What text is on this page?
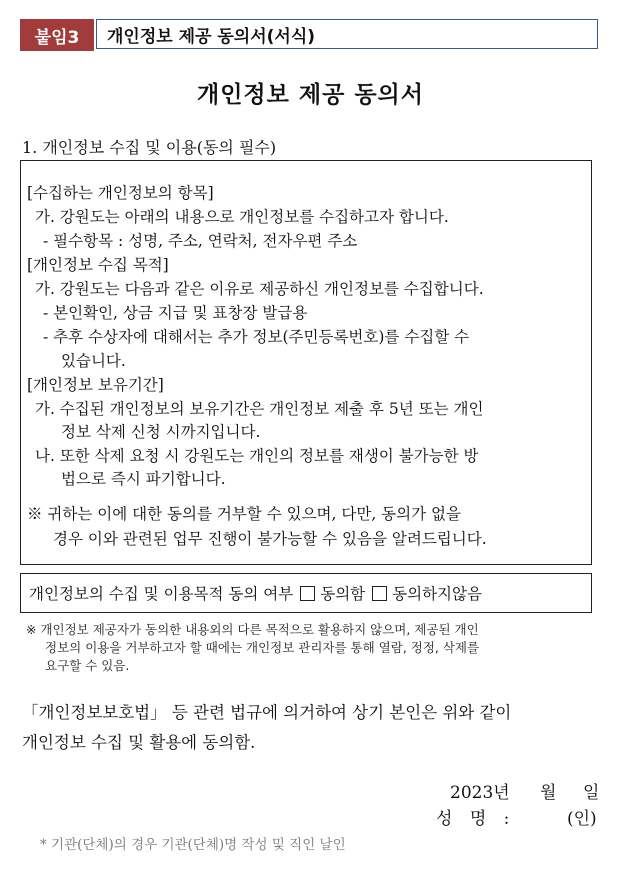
붙임3	개인정보 제공 동의서(서식)
개인정보 제공 동의서
1. 개인정보 수집 및 이용(동의 필수)
[수집하는 개인정보의 항목]
가. 강원도는 아래의 내용으로 개인정보를 수집하고자 합니다.
- 필수항목 : 성명, 주소, 연락처, 전자우편 주소
[개인정보 수집 목적]
가. 강원도는 다음과 같은 이유로 제공하신 개인정보를 수집합니다.
- 본인확인, 상금 지급 및 표창장 발급용
- 추후 수상자에 대해서는 추가 정보(주민등록번호)를 수집할 수
있습니다.
[개인정보 보유기간]
가. 수집된 개인정보의 보유기간은 개인정보 제출 후 5년 또는 개인
정보 삭제 신청 시까지입니다.
나. 또한 삭제 요청 시 강원도는 개인의 정보를 재생이 불가능한 방
법으로 즉시 파기합니다.
※ 귀하는 이에 대한 동의를 거부할 수 있으며, 다만, 동의가 없을
경우 이와 관련된 업무 진행이 불가능할 수 있음을 알려드립니다.
개인정보의 수집 및 이용목적 동의 여부 동의함 동의하지않음
※ 개인정보 제공자가 동의한 내용외의 다른 목적으로 활용하지 않으며, 제공된 개인
정보의 이용을 거부하고자 할 때에는 개인정보 관리자를 통해 열람, 정정, 삭제를
요구할 수 있음.
「개인정보보호법」 등 관련 법규에 의거하여 상기 본인은 위와 같이
개인정보 수집 및 활용에 동의함.
2023년 월 일
성 명 :	(인)
* 기관(단체)의 경우 기관(단체)명 작성 및 직인 날인
